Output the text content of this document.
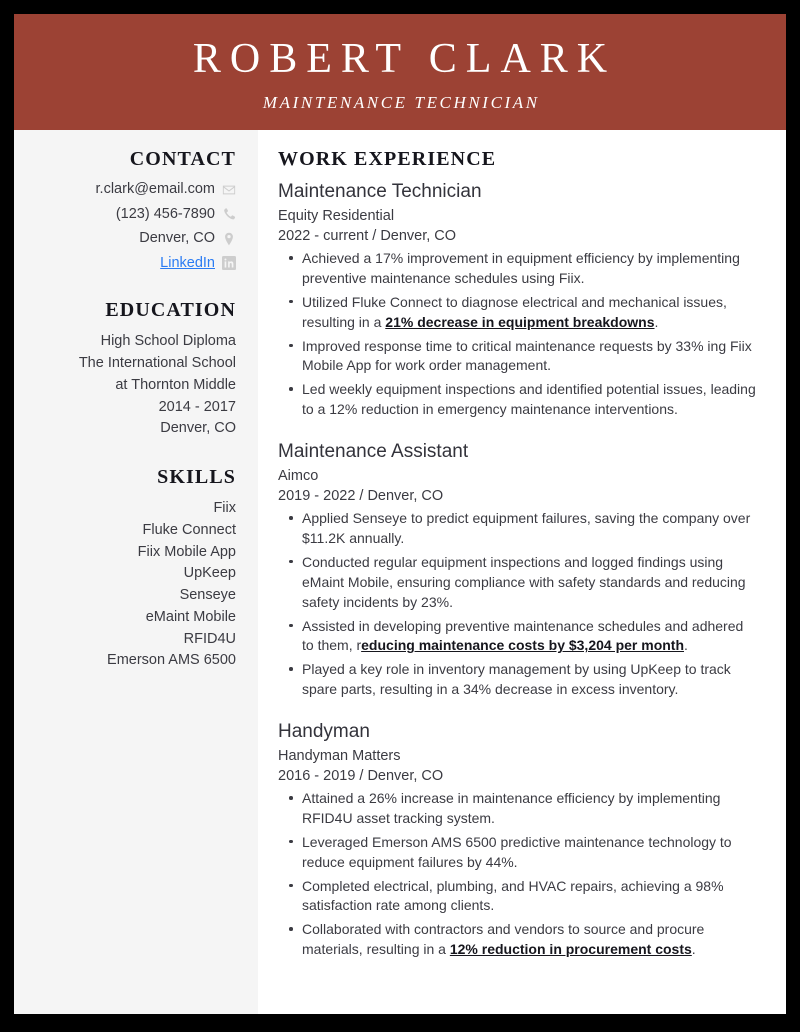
ROBERT CLARK
MAINTENANCE TECHNICIAN
CONTACT
r.clark@email.com
(123) 456-7890
Denver, CO
LinkedIn
EDUCATION
High School Diploma
The International School
at Thornton Middle
2014 - 2017
Denver, CO
SKILLS
Fiix
Fluke Connect
Fiix Mobile App
UpKeep
Senseye
eMaint Mobile
RFID4U
Emerson AMS 6500
WORK EXPERIENCE
Maintenance Technician
Equity Residential
2022 - current / Denver, CO
Achieved a 17% improvement in equipment efficiency by implementing preventive maintenance schedules using Fiix.
Utilized Fluke Connect to diagnose electrical and mechanical issues, resulting in a 21% decrease in equipment breakdowns.
Improved response time to critical maintenance requests by 33% ing Fiix Mobile App for work order management.
Led weekly equipment inspections and identified potential issues, leading to a 12% reduction in emergency maintenance interventions.
Maintenance Assistant
Aimco
2019 - 2022 / Denver, CO
Applied Senseye to predict equipment failures, saving the company over $11.2K annually.
Conducted regular equipment inspections and logged findings using eMaint Mobile, ensuring compliance with safety standards and reducing safety incidents by 23%.
Assisted in developing preventive maintenance schedules and adhered to them, reducing maintenance costs by $3,204 per month.
Played a key role in inventory management by using UpKeep to track spare parts, resulting in a 34% decrease in excess inventory.
Handyman
Handyman Matters
2016 - 2019 / Denver, CO
Attained a 26% increase in maintenance efficiency by implementing RFID4U asset tracking system.
Leveraged Emerson AMS 6500 predictive maintenance technology to reduce equipment failures by 44%.
Completed electrical, plumbing, and HVAC repairs, achieving a 98% satisfaction rate among clients.
Collaborated with contractors and vendors to source and procure materials, resulting in a 12% reduction in procurement costs.
